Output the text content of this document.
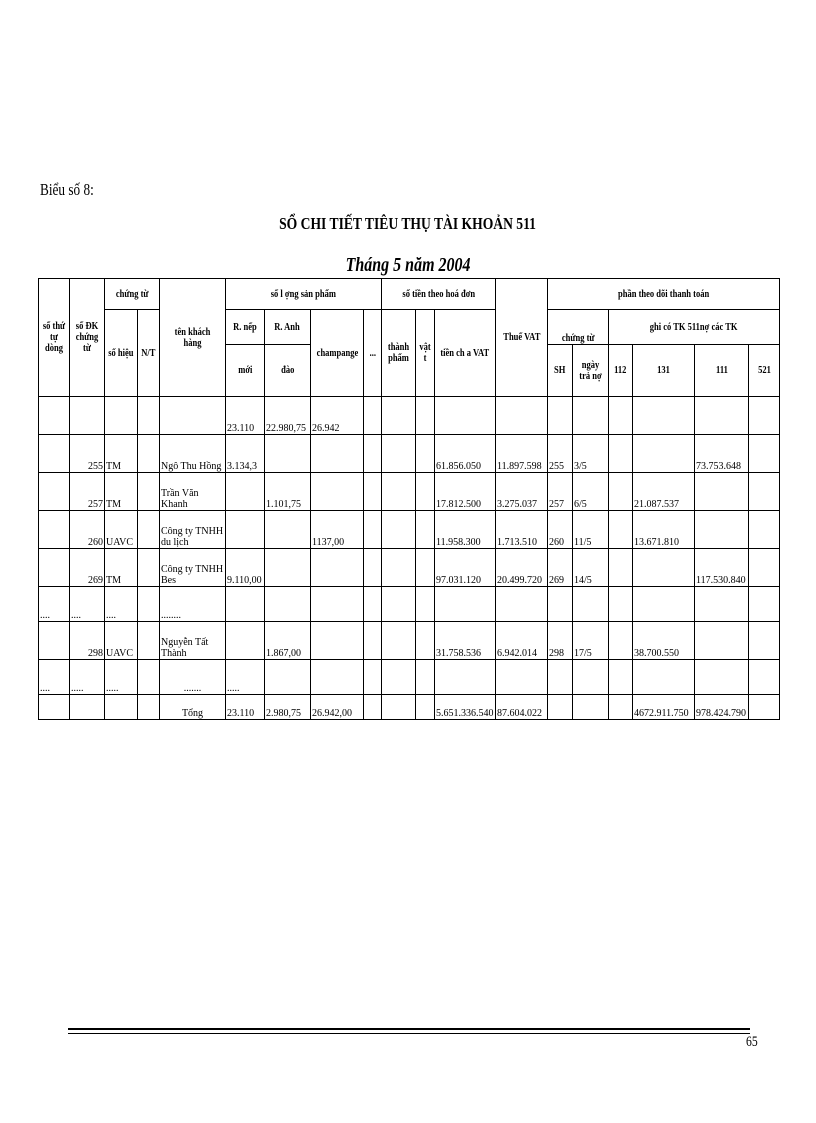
Biểu số 8:
SỔ CHI TIẾT TIÊU THỤ TÀI KHOẢN 511
Tháng 5 năm 2004
số thứ tự dòng	số ĐK chứng từ	chứng từ		tên khách hàng	số l ợng sản phẩm				số tiền theo hoá đơn			Thuế VAT	phần theo dõi thanh toán					
		số hiệu	N/T		R. nếp	R. Anh	champange	...	thành phẩm	vật t	tiền ch a VAT		chứng từ		ghi có TK 511nợ các TK			
					mới	đào							SH	ngày trả nợ	112	131	111	521
					23.110	22.980,75	26.942											
	255	TM		Ngô Thu Hồng	3.134,3						61.856.050	11.897.598	255	3/5			73.753.648	
	257	TM		Trần Văn Khanh		1.101,75					17.812.500	3.275.037	257	6/5		21.087.537		
	260	UAVC		Công ty TNHH du lịch			1137,00				11.958.300	1.713.510	260	11/5		13.671.810		
	269	TM		Công ty TNHH Bes	9.110,00						97.031.120	20.499.720	269	14/5			117.530.840	
....	....	....		........														
	298	UAVC		Nguyễn Tất Thành		1.867,00					31.758.536	6.942.014	298	17/5		38.700.550		
....	.....	.....		.......	.....													
				Tổng	23.110	2.980,75	26.942,00				5.651.336.540	87.604.022				4672.911.750	978.424.790	
65
